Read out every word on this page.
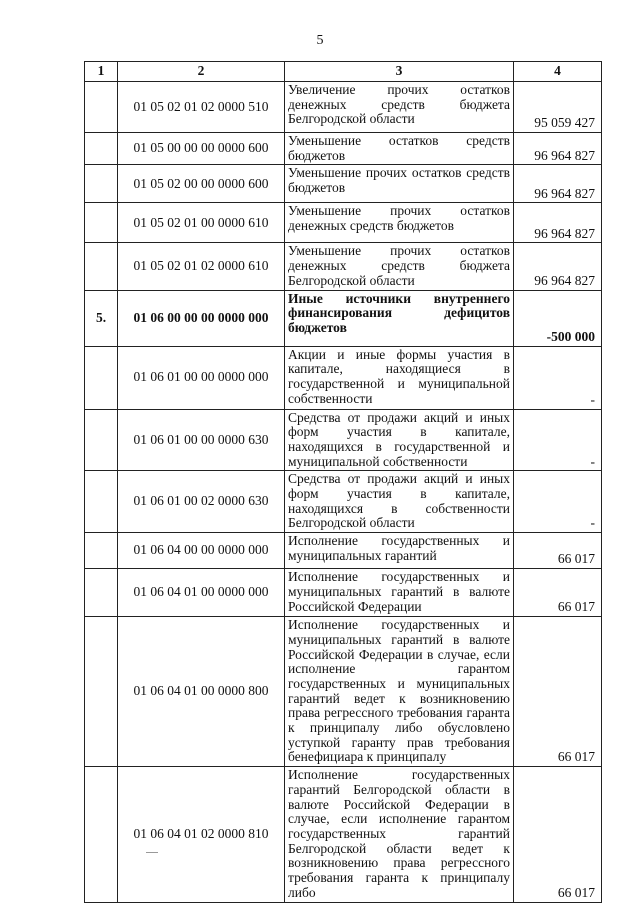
5
1	2	3	4
	01 05 02 01 02 0000 510	Увеличение прочих остатков денежных средств бюджета Белгородской области	95 059 427
	01 05 00 00 00 0000 600	Уменьшение остатков средств бюджетов	96 964 827
	01 05 02 00 00 0000 600	Уменьшение прочих остатков средств бюджетов	96 964 827
	01 05 02 01 00 0000 610	Уменьшение прочих остатков денежных средств бюджетов	96 964 827
	01 05 02 01 02 0000 610	Уменьшение прочих остатков денежных средств бюджета Белгородской области	96 964 827
5.	01 06 00 00 00 0000 000	Иные источники внутреннего финансирования дефицитов бюджетов	-500 000
	01 06 01 00 00 0000 000	Акции и иные формы участия в капитале, находящиеся в государственной и муниципальной собственности	-
	01 06 01 00 00 0000 630	Средства от продажи акций и иных форм участия в капитале, находящихся в государственной и муниципальной собственности	-
	01 06 01 00 02 0000 630	Средства от продажи акций и иных форм участия в капитале, находящихся в собственности Белгородской области	-
	01 06 04 00 00 0000 000	Исполнение государственных и муниципальных гарантий	66 017
	01 06 04 01 00 0000 000	Исполнение государственных и муниципальных гарантий в валюте Российской Федерации	66 017
	01 06 04 01 00 0000 800	Исполнение государственных и муниципальных гарантий в валюте Российской Федерации в случае, если исполнение гарантом государственных и муниципальных гарантий ведет к возникновению права регрессного требования гаранта к принципалу либо обусловлено уступкой гаранту прав требования бенефициара к принципалу	66 017
	01 06 04 01 02 0000 810	Исполнение государственных гарантий Белгородской области в валюте Российской Федерации в случае, если исполнение гарантом государственных гарантий Белгородской области ведет к возникновению права регрессного требования гаранта к принципалу либо	66 017
